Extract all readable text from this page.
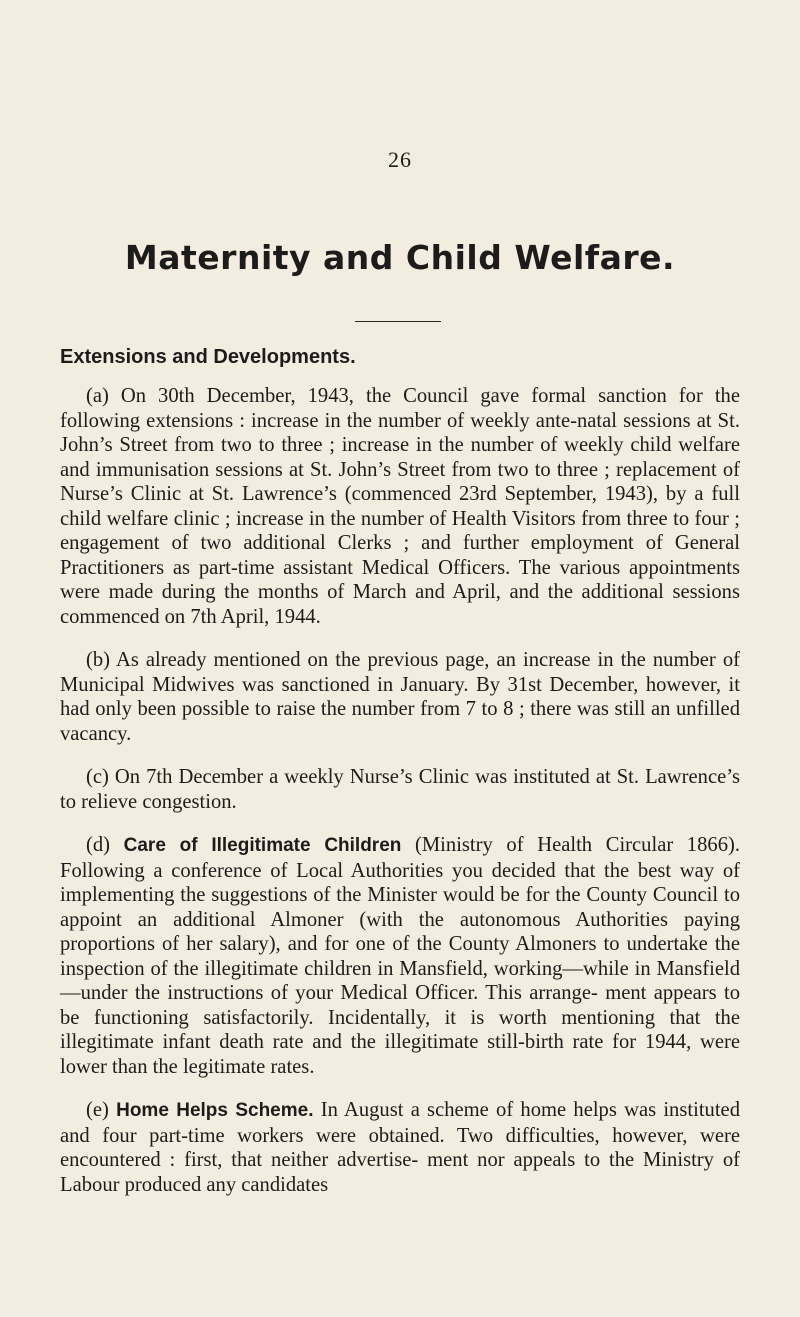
26
Maternity and Child Welfare.
Extensions and Developments.

(a) On 30th December, 1943, the Council gave formal sanction for the following extensions : increase in the number of weekly ante-natal sessions at St. John’s Street from two to three ; increase in the number of weekly child welfare and immunisation sessions at St. John’s Street from two to three ; replacement of Nurse’s Clinic at St. Lawrence’s (commenced 23rd September, 1943), by a full child welfare clinic ; increase in the number of Health Visitors from three to four ; engagement of two additional Clerks ; and further employment of General Practitioners as part-time assistant Medical Officers. The various appointments were made during the months of March and April, and the additional sessions commenced on 7th April, 1944.

(b) As already mentioned on the previous page, an increase in the number of Municipal Midwives was sanctioned in January. By 31st December, however, it had only been possible to raise the number from 7 to 8 ; there was still an unfilled vacancy.

(c) On 7th December a weekly Nurse’s Clinic was instituted at St. Lawrence’s to relieve congestion.

(d) Care of Illegitimate Children (Ministry of Health Circular 1866). Following a conference of Local Authorities you decided that the best way of implementing the suggestions of the Minister would be for the County Council to appoint an additional Almoner (with the autonomous Authorities paying proportions of her salary), and for one of the County Almoners to undertake the inspection of the illegitimate children in Mansfield, working—while in Mansfield —under the instructions of your Medical Officer. This arrange- ment appears to be functioning satisfactorily. Incidentally, it is worth mentioning that the illegitimate infant death rate and the illegitimate still-birth rate for 1944, were lower than the legitimate rates.

(e) Home Helps Scheme. In August a scheme of home helps was instituted and four part-time workers were obtained. Two difficulties, however, were encountered : first, that neither advertise- ment nor appeals to the Ministry of Labour produced any candidates
